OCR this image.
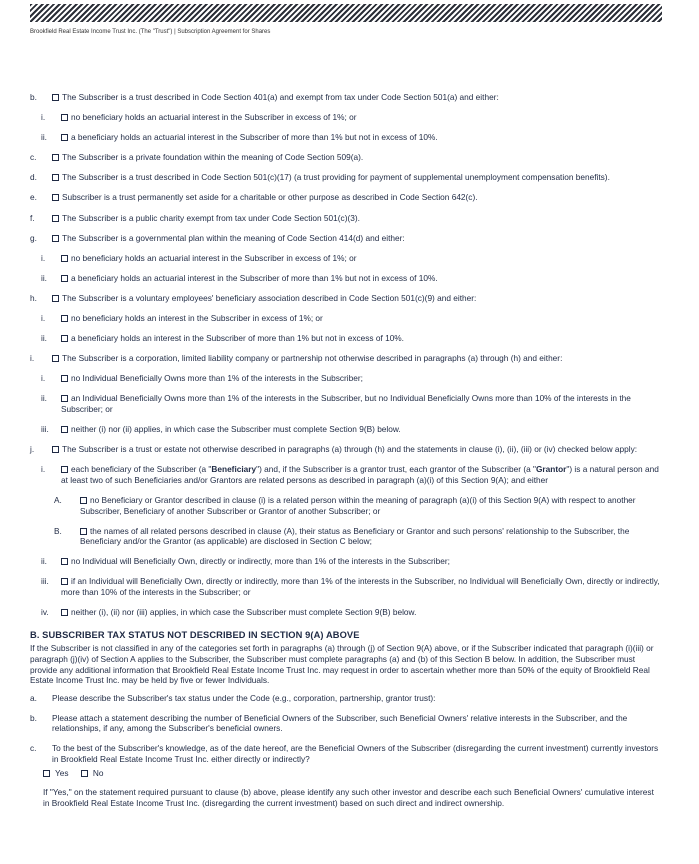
Brookfield Real Estate Income Trust Inc. (The "Trust") | Subscription Agreement for Shares
b.	The Subscriber is a trust described in Code Section 401(a) and exempt from tax under Code Section 501(a) and either:
i.	no beneficiary holds an actuarial interest in the Subscriber in excess of 1%; or
ii.	a beneficiary holds an actuarial interest in the Subscriber of more than 1% but not in excess of 10%.
c.	The Subscriber is a private foundation within the meaning of Code Section 509(a).
d.	The Subscriber is a trust described in Code Section 501(c)(17) (a trust providing for payment of supplemental unemployment compensation benefits).
e.	Subscriber is a trust permanently set aside for a charitable or other purpose as described in Code Section 642(c).
f.	The Subscriber is a public charity exempt from tax under Code Section 501(c)(3).
g.	The Subscriber is a governmental plan within the meaning of Code Section 414(d) and either:
i.	no beneficiary holds an actuarial interest in the Subscriber in excess of 1%; or
ii.	a beneficiary holds an actuarial interest in the Subscriber of more than 1% but not in excess of 10%.
h.	The Subscriber is a voluntary employees' beneficiary association described in Code Section 501(c)(9) and either:
i.	no beneficiary holds an interest in the Subscriber in excess of 1%; or
ii.	a beneficiary holds an interest in the Subscriber of more than 1% but not in excess of 10%.
i.	The Subscriber is a corporation, limited liability company or partnership not otherwise described in paragraphs (a) through (h) and either:
i.	no Individual Beneficially Owns more than 1% of the interests in the Subscriber;
ii.	an Individual Beneficially Owns more than 1% of the interests in the Subscriber, but no Individual Beneficially Owns more than 10% of the interests in the Subscriber; or
iii.	neither (i) nor (ii) applies, in which case the Subscriber must complete Section 9(B) below.
j.	The Subscriber is a trust or estate not otherwise described in paragraphs (a) through (h) and the statements in clause (i), (ii), (iii) or (iv) checked below apply:
i.	each beneficiary of the Subscriber (a "Beneficiary") and, if the Subscriber is a grantor trust, each grantor of the Subscriber (a "Grantor") is a natural person and at least two of such Beneficiaries and/or Grantors are related persons as described in paragraph (a)(i) of this Section 9(A); and either
A.	no Beneficiary or Grantor described in clause (i) is a related person within the meaning of paragraph (a)(i) of this Section 9(A) with respect to another Subscriber, Beneficiary of another Subscriber or Grantor of another Subscriber; or
B.	the names of all related persons described in clause (A), their status as Beneficiary or Grantor and such persons' relationship to the Subscriber, the Beneficiary and/or the Grantor (as applicable) are disclosed in Section C below;
ii.	no Individual will Beneficially Own, directly or indirectly, more than 1% of the interests in the Subscriber;
iii.	if an Individual will Beneficially Own, directly or indirectly, more than 1% of the interests in the Subscriber, no Individual will Beneficially Own, directly or indirectly, more than 10% of the interests in the Subscriber; or
iv.	neither (i), (ii) nor (iii) applies, in which case the Subscriber must complete Section 9(B) below.
B. SUBSCRIBER TAX STATUS NOT DESCRIBED IN SECTION 9(A) ABOVE
If the Subscriber is not classified in any of the categories set forth in paragraphs (a) through (j) of Section 9(A) above, or if the Subscriber indicated that paragraph (i)(iii) or paragraph (j)(iv) of Section A applies to the Subscriber, the Subscriber must complete paragraphs (a) and (b) of this Section B below. In addition, the Subscriber must provide any additional information that Brookfield Real Estate Income Trust Inc. may request in order to ascertain whether more than 50% of the equity of Brookfield Real Estate Income Trust Inc. may be held by five or fewer Individuals.
a. Please describe the Subscriber's tax status under the Code (e.g., corporation, partnership, grantor trust):
b. Please attach a statement describing the number of Beneficial Owners of the Subscriber, such Beneficial Owners' relative interests in the Subscriber, and the relationships, if any, among the Subscriber's beneficial owners.
c. To the best of the Subscriber's knowledge, as of the date hereof, are the Beneficial Owners of the Subscriber (disregarding the current investment) currently investors in Brookfield Real Estate Income Trust Inc. either directly or indirectly?
Yes	No
If "Yes," on the statement required pursuant to clause (b) above, please identify any such other investor and describe each such Beneficial Owners' cumulative interest in Brookfield Real Estate Income Trust Inc. (disregarding the current investment) based on such direct and indirect ownership.
